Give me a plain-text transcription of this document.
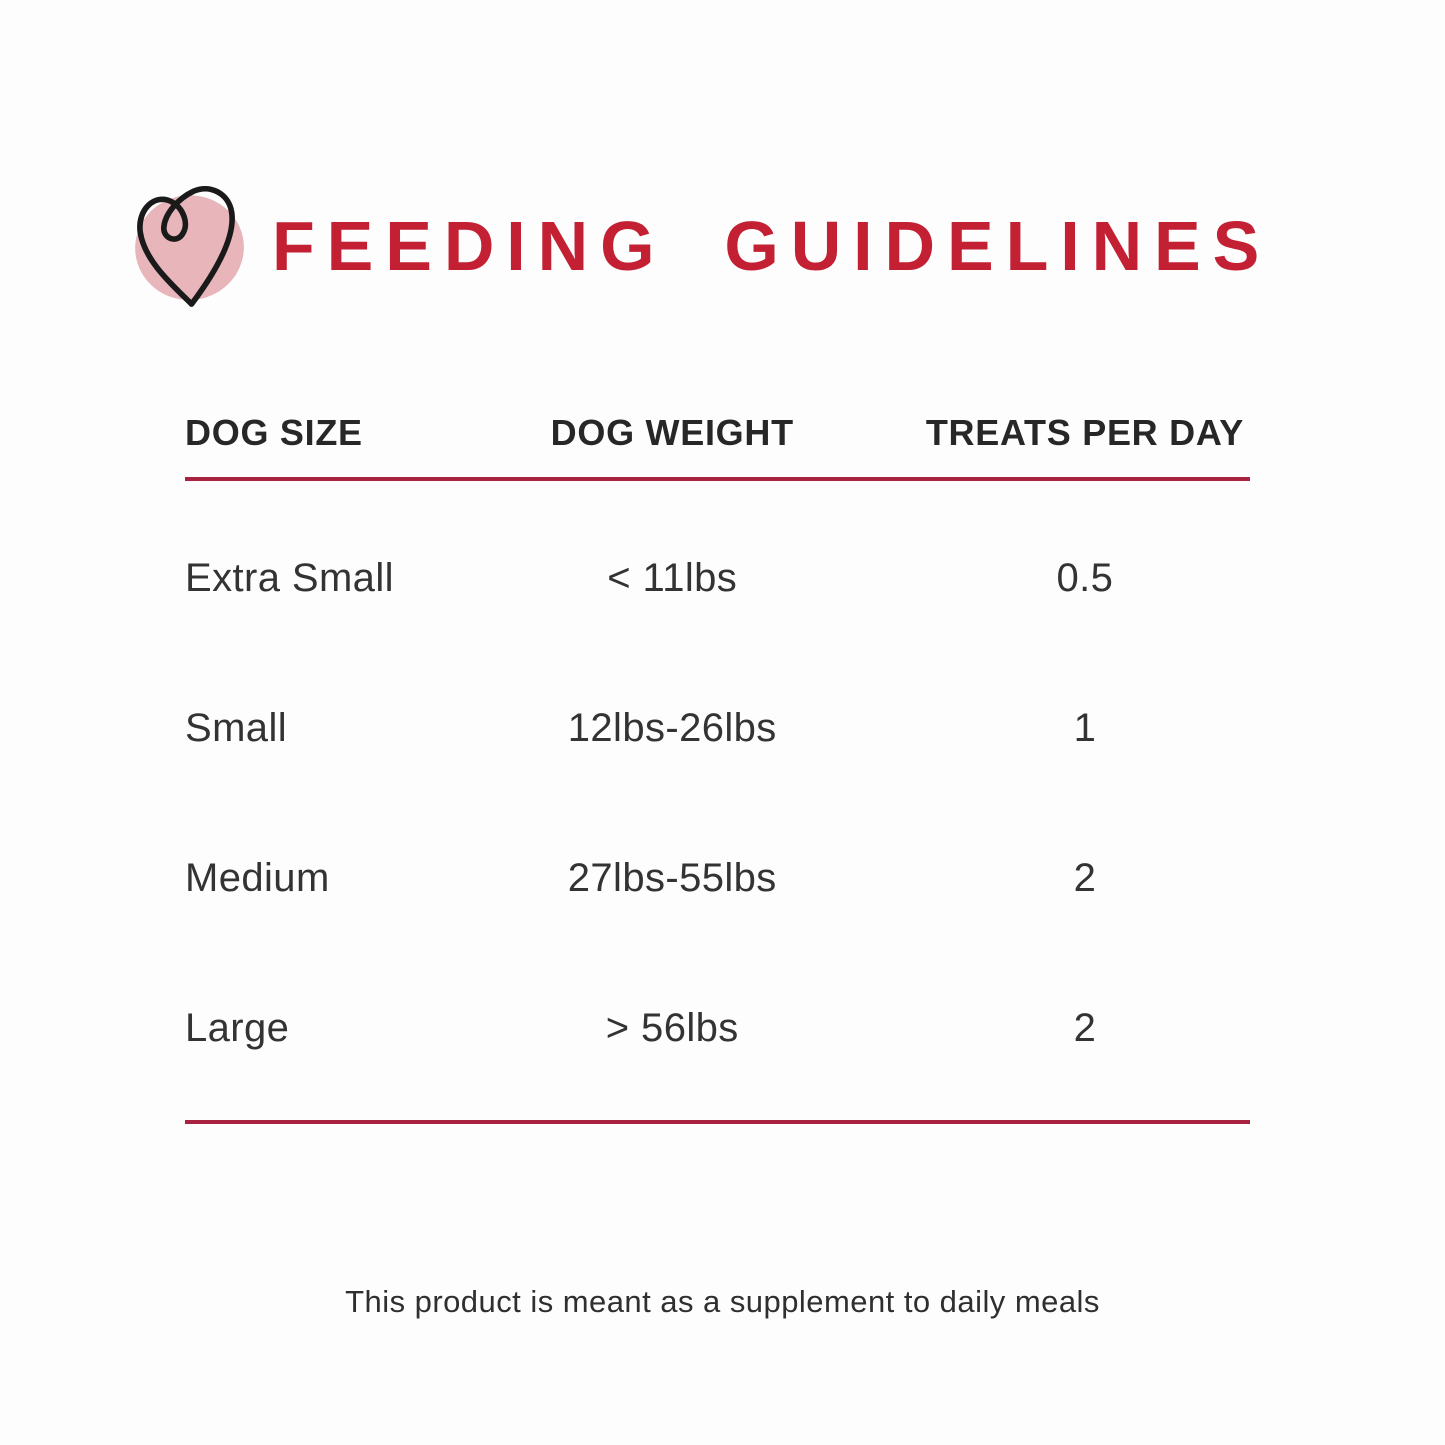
FEEDING GUIDELINES
DOG SIZE	DOG WEIGHT	TREATS PER DAY
Extra Small	< 11lbs	0.5
Small	12lbs-26lbs	1
Medium	27lbs-55lbs	2
Large	> 56lbs	2
This product is meant as a supplement to daily meals
